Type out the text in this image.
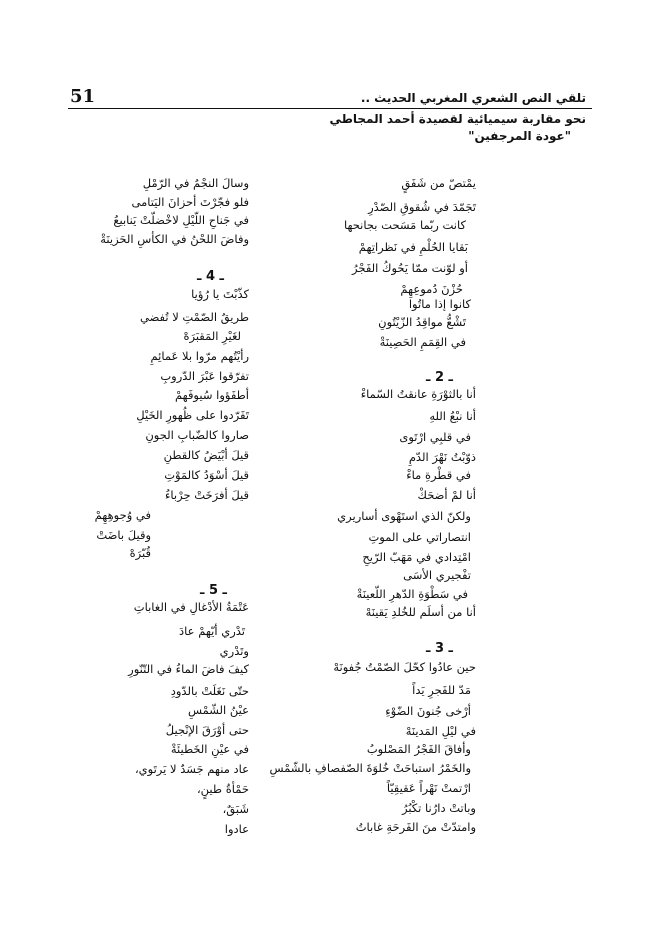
51	تلقي النص الشعري المغربي الحديث ..
نحو مقاربة سيميائية لقصيدة أحمد المجاطي
"عودة المرجفين"
يمْتصّ من شَفَقٍ
تَجَمّدَ في شُقوقِ الصّدْرِ
كانت ربّما مَسَحت بجانحها
بَقايا الحُلْمِ في نَظراتِهمْ
أو لوّنت ممّا يَحُوكُ الفَجْرُ
حُزْنَ دُموعِهِمْ
كانوا إذا ماتُوا
تَشْعُّ مواقِدُ الزّيْتُونِ
في القِمَمِ الحَصِينَةْ
ـ 2 ـ
أنا بالثوْرَةِ عانقتُ السّماءْ
أنا نبْعُ اللهِ
في قلبِي ارْتَوى
ذوّبْتُ نَهْرَ الدّمِ
في قطْرةِ ماءْ
أنا لمْ أضحَكْ
ولكنّ الذي استَهْوى أساريري
انتصاراتي على الموتِ
امْتِدادي في مَهَبّ الرّيحِ
تفْجيري الأسَى
في سَطْوَةِ الدّهرِ اللّعينَةْ
أنا من أسلَم للخُلدِ يَقينَهْ
ـ 3 ـ
حين عادُوا كحّلَ الصّمْتُ جُفونَهْ
مَدّ للفَجرِ يَداً
أرْخى جُنونَ الضّوْءِ
في ليْلِ المَدينَهْ
وأفاقَ الفَجْرُ المَصْلوبُ
والخَمْرُ استباحَتْ خُلوَةَ الصّفصافِ بالشّمْسِ
ارْتمتْ نَهْراً عَقيقِيّاً
وباتتْ دارُنا تكْبُرُ
وامتدّتْ منَ الفَرحَةِ غاباتُ
وسالَ النجْمُ في الرّمْلِ
فلو فجّرْتَ أحزانَ اليَتامى
في جَناحِ اللّيْلِ لاخْضلّتْ يَنابيعُ
وفاضَ اللحْنُ في الكأسِ الحَزينَةْ
ـ 4 ـ
كذّبْتَ يا رُؤيا
طريقُ الصّمْتِ لا تُفضي
لغَيْرِ المَقبَرَهْ
رأيْتُهم مرّوا بلا عَمائِمِ
تفرّقوا عَبْرَ الدّروبِ
أطفَؤوا سُيوفَهمْ
تَفَرّدوا على ظُهورِ الخَيْلِ
صاروا كالضّبابِ الجونِ
قيلَ أبْيَضُ كالقطنِ
قيلَ أسْوَدُ كالمَوْتِ
قيلَ أفرَخَتْ حِرْباءُ
في وُجوهِهِمْ
وقيلَ باضَتْ
قُبّرَهْ
ـ 5 ـ
عَتْمَةُ الأدْغالِ في الغاباتِ
تَدْري أيّهمْ عادَ
وتَدْري
كيفَ فاضَ الماءُ في التّنّورِ
حتّى نَغَلَتْ بالدّودِ
عيْنُ الشّمْسِ
حتى أوْرَقَ الإنْجيلُ
في عيْنِ الخَطيئَةْ
عاد منهم جَسَدٌ لا يَرتَوي،
حَمْأةُ طينٍ،
شَبَقٌ،
عادوا
